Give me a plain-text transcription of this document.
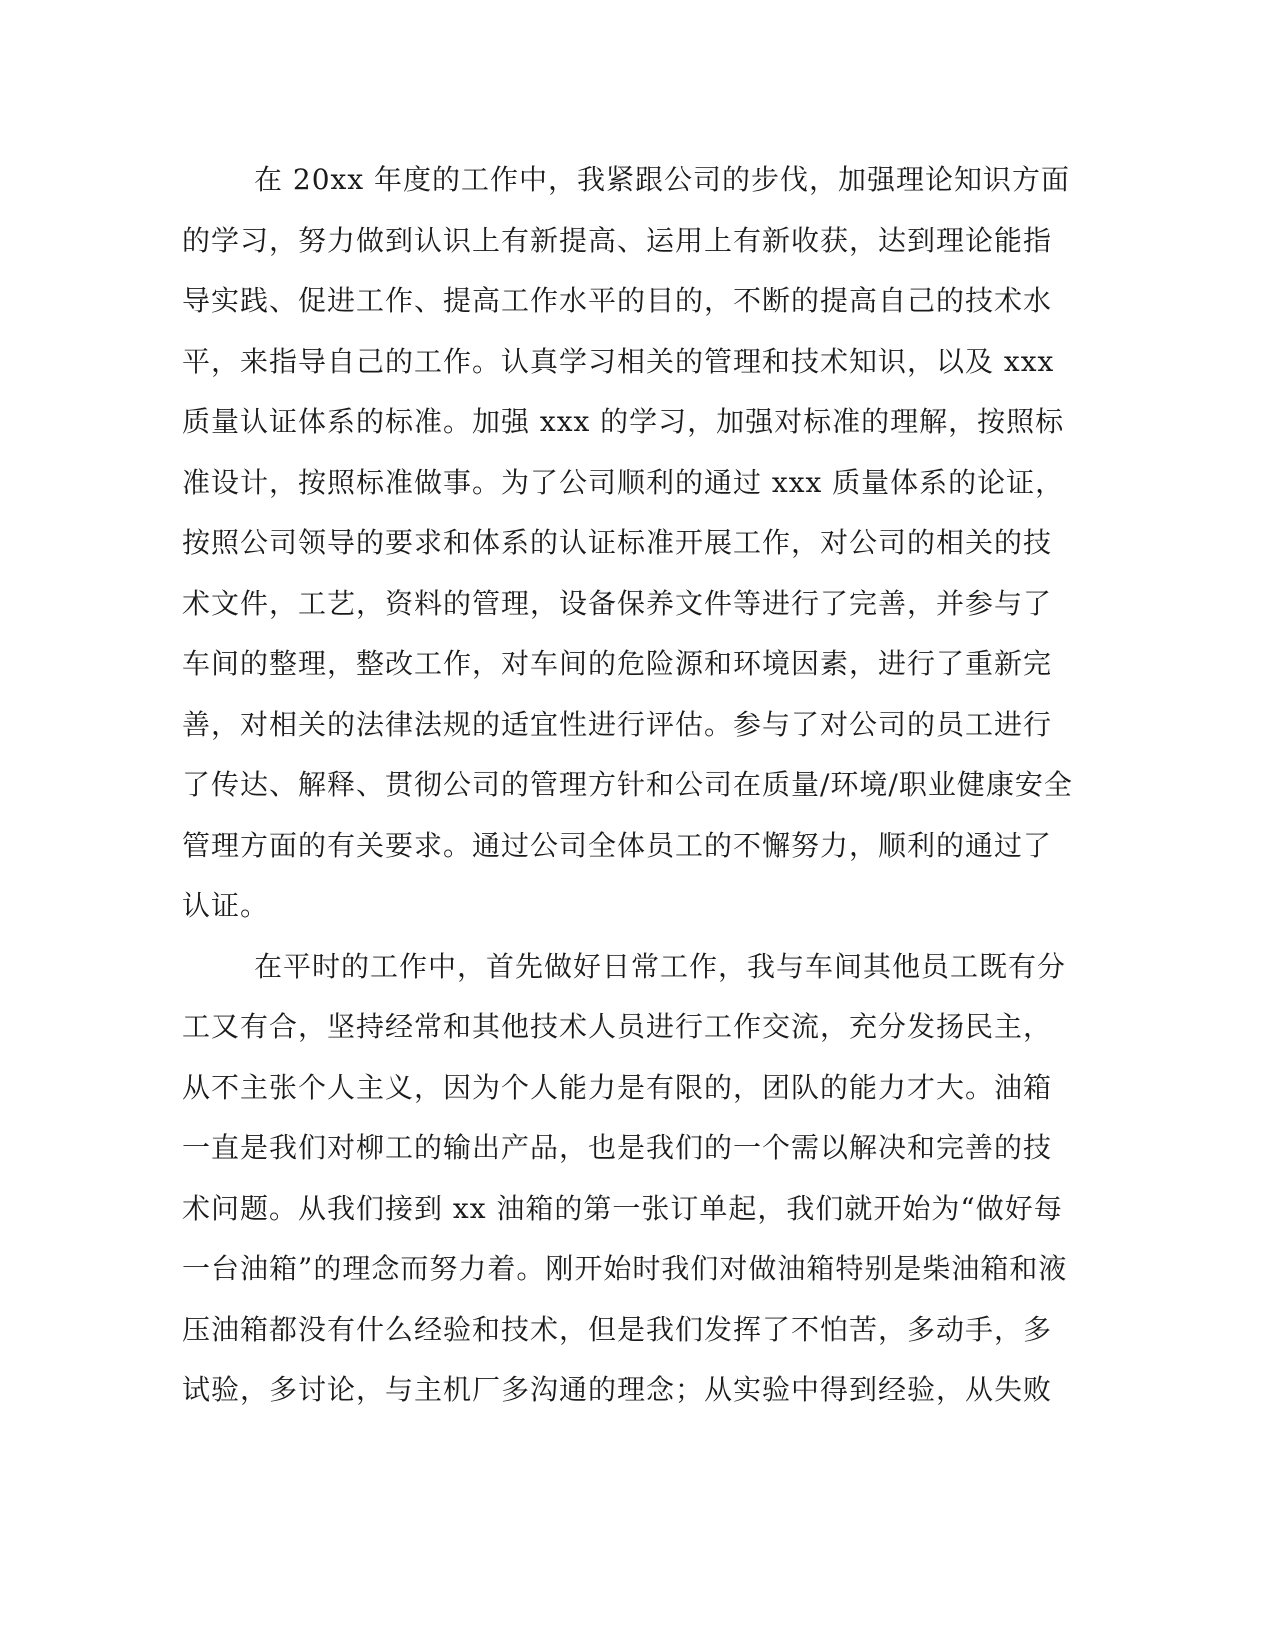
在 20xx 年度的工作中，我紧跟公司的步伐，加强理论知识方面
的学习，努力做到认识上有新提高、运用上有新收获，达到理论能指
导实践、促进工作、提高工作水平的目的，不断的提高自己的技术水
平，来指导自己的工作。认真学习相关的管理和技术知识，以及 xxx
质量认证体系的标准。加强 xxx 的学习，加强对标准的理解，按照标
准设计，按照标准做事。为了公司顺利的通过 xxx 质量体系的论证，
按照公司领导的要求和体系的认证标准开展工作，对公司的相关的技
术文件，工艺，资料的管理，设备保养文件等进行了完善，并参与了
车间的整理，整改工作，对车间的危险源和环境因素，进行了重新完
善，对相关的法律法规的适宜性进行评估。参与了对公司的员工进行
了传达、解释、贯彻公司的管理方针和公司在质量/环境/职业健康安全
管理方面的有关要求。通过公司全体员工的不懈努力，顺利的通过了
认证。
在平时的工作中，首先做好日常工作，我与车间其他员工既有分
工又有合，坚持经常和其他技术人员进行工作交流，充分发扬民主，
从不主张个人主义，因为个人能力是有限的，团队的能力才大。油箱
一直是我们对柳工的输出产品，也是我们的一个需以解决和完善的技
术问题。从我们接到 xx 油箱的第一张订单起，我们就开始为“做好每
一台油箱”的理念而努力着。刚开始时我们对做油箱特别是柴油箱和液
压油箱都没有什么经验和技术，但是我们发挥了不怕苦，多动手，多
试验，多讨论，与主机厂多沟通的理念；从实验中得到经验，从失败
